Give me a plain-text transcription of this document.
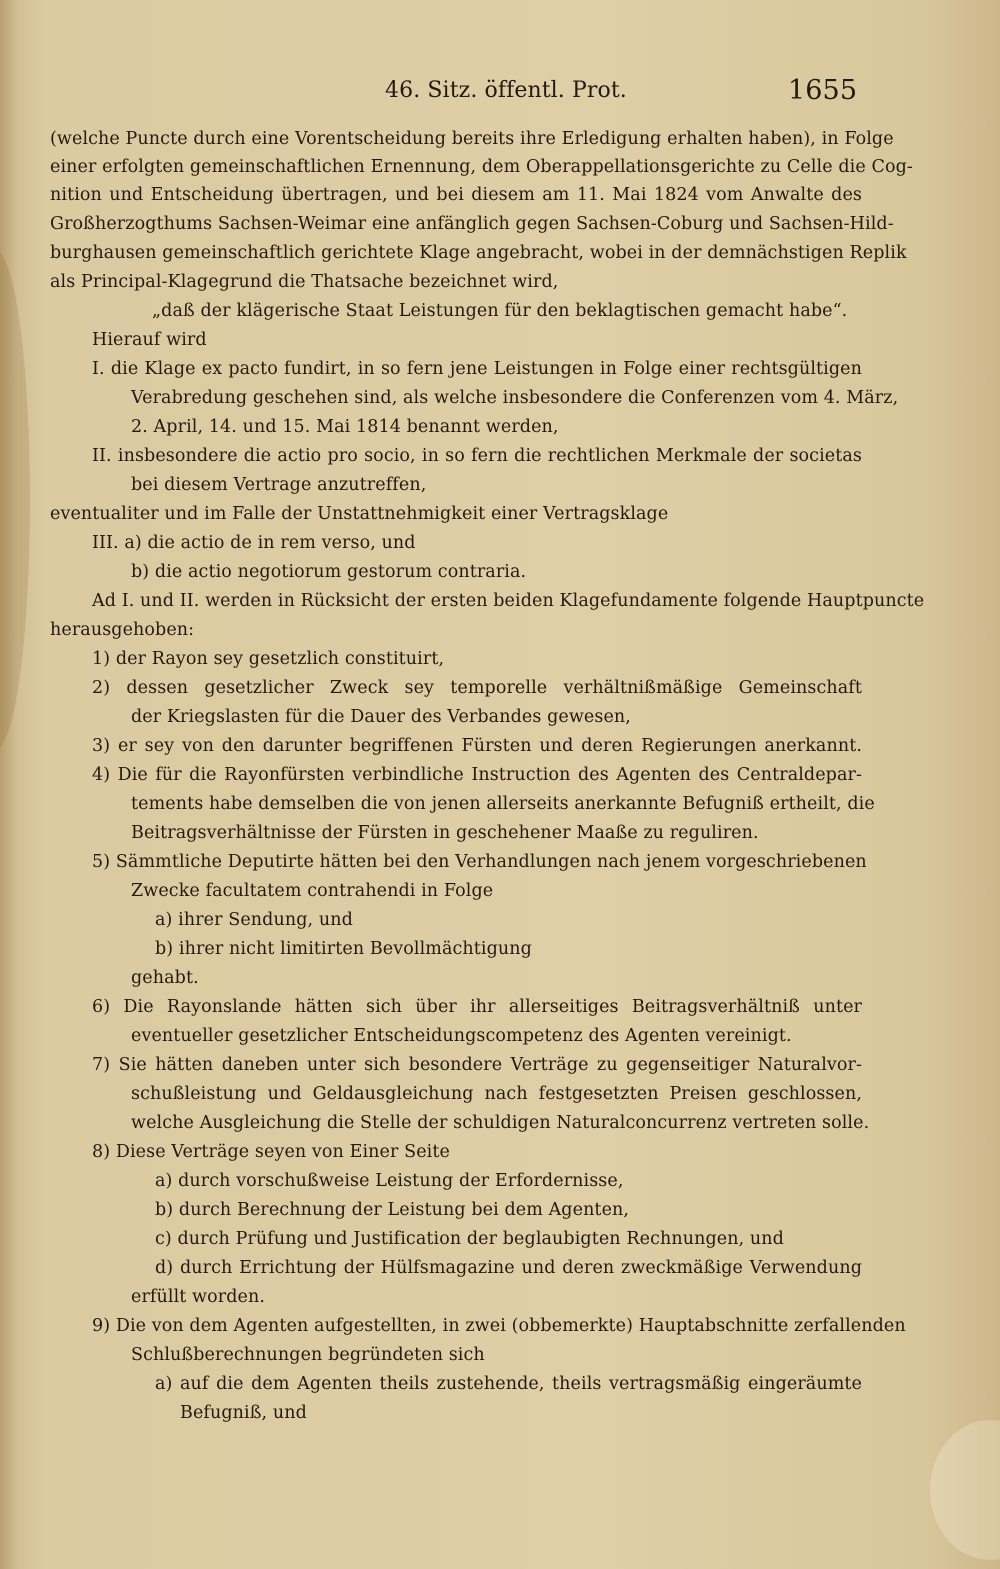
46. Sitz. öffentl. Prot.	1655
(welche Puncte durch eine Vorentscheidung bereits ihre Erledigung erhalten haben), in Folge
einer erfolgten gemeinschaftlichen Ernennung, dem Oberappellationsgerichte zu Celle die Cog-
nition und Entscheidung übertragen, und bei diesem am 11. Mai 1824 vom Anwalte des
Großherzogthums Sachsen-Weimar eine anfänglich gegen Sachsen-Coburg und Sachsen-Hild-
burghausen gemeinschaftlich gerichtete Klage angebracht, wobei in der demnächstigen Replik
als Principal-Klagegrund die Thatsache bezeichnet wird,
„daß der klägerische Staat Leistungen für den beklagtischen gemacht habe“.
Hierauf wird
I. die Klage ex pacto fundirt, in so fern jene Leistungen in Folge einer rechtsgültigen
Verabredung geschehen sind, als welche insbesondere die Conferenzen vom 4. März,
2. April, 14. und 15. Mai 1814 benannt werden,
II. insbesondere die actio pro socio, in so fern die rechtlichen Merkmale der societas
bei diesem Vertrage anzutreffen,
eventualiter und im Falle der Unstattnehmigkeit einer Vertragsklage
III. a) die actio de in rem verso, und
b) die actio negotiorum gestorum contraria.
Ad I. und II. werden in Rücksicht der ersten beiden Klagefundamente folgende Hauptpuncte
herausgehoben:
1) der Rayon sey gesetzlich constituirt,
2) dessen gesetzlicher Zweck sey temporelle verhältnißmäßige Gemeinschaft
der Kriegslasten für die Dauer des Verbandes gewesen,
3) er sey von den darunter begriffenen Fürsten und deren Regierungen anerkannt.
4) Die für die Rayonfürsten verbindliche Instruction des Agenten des Centraldepar-
tements habe demselben die von jenen allerseits anerkannte Befugniß ertheilt, die
Beitragsverhältnisse der Fürsten in geschehener Maaße zu reguliren.
5) Sämmtliche Deputirte hätten bei den Verhandlungen nach jenem vorgeschriebenen
Zwecke facultatem contrahendi in Folge
a) ihrer Sendung, und
b) ihrer nicht limitirten Bevollmächtigung
gehabt.
6) Die Rayonslande hätten sich über ihr allerseitiges Beitragsverhältniß unter
eventueller gesetzlicher Entscheidungscompetenz des Agenten vereinigt.
7) Sie hätten daneben unter sich besondere Verträge zu gegenseitiger Naturalvor-
schußleistung und Geldausgleichung nach festgesetzten Preisen geschlossen,
welche Ausgleichung die Stelle der schuldigen Naturalconcurrenz vertreten solle.
8) Diese Verträge seyen von Einer Seite
a) durch vorschußweise Leistung der Erfordernisse,
b) durch Berechnung der Leistung bei dem Agenten,
c) durch Prüfung und Justification der beglaubigten Rechnungen, und
d) durch Errichtung der Hülfsmagazine und deren zweckmäßige Verwendung
erfüllt worden.
9) Die von dem Agenten aufgestellten, in zwei (obbemerkte) Hauptabschnitte zerfallenden
Schlußberechnungen begründeten sich
a) auf die dem Agenten theils zustehende, theils vertragsmäßig eingeräumte
Befugniß, und
